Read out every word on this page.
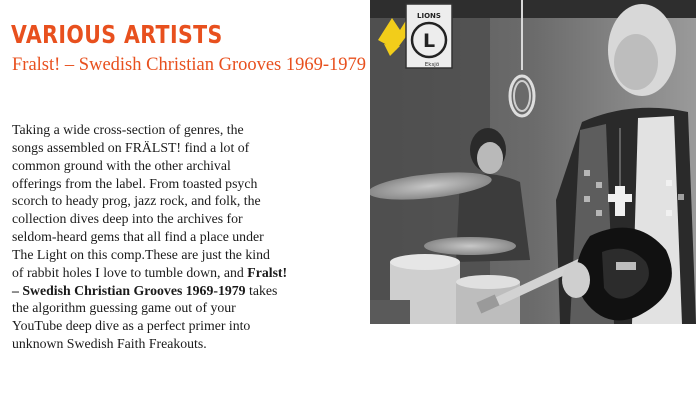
VARIOUS ARTISTS
Fralst! – Swedish Christian Grooves 1969-1979
Taking a wide cross-section of genres, the
songs assembled on FRÄLST! find a lot of
common ground with the other archival
offerings from the label. From toasted psych
scorch to heady prog, jazz rock, and folk, the
collection dives deep into the archives for
seldom-heard gems that all find a place under
The Light on this comp.These are just the kind
of rabbit holes I love to tumble down, and Fralst!
– Swedish Christian Grooves 1969-1979 takes
the algorithm guessing game out of your
YouTube deep dive as a perfect primer into
unknown Swedish Faith Freakouts.
L
LIONS
Eksjö
